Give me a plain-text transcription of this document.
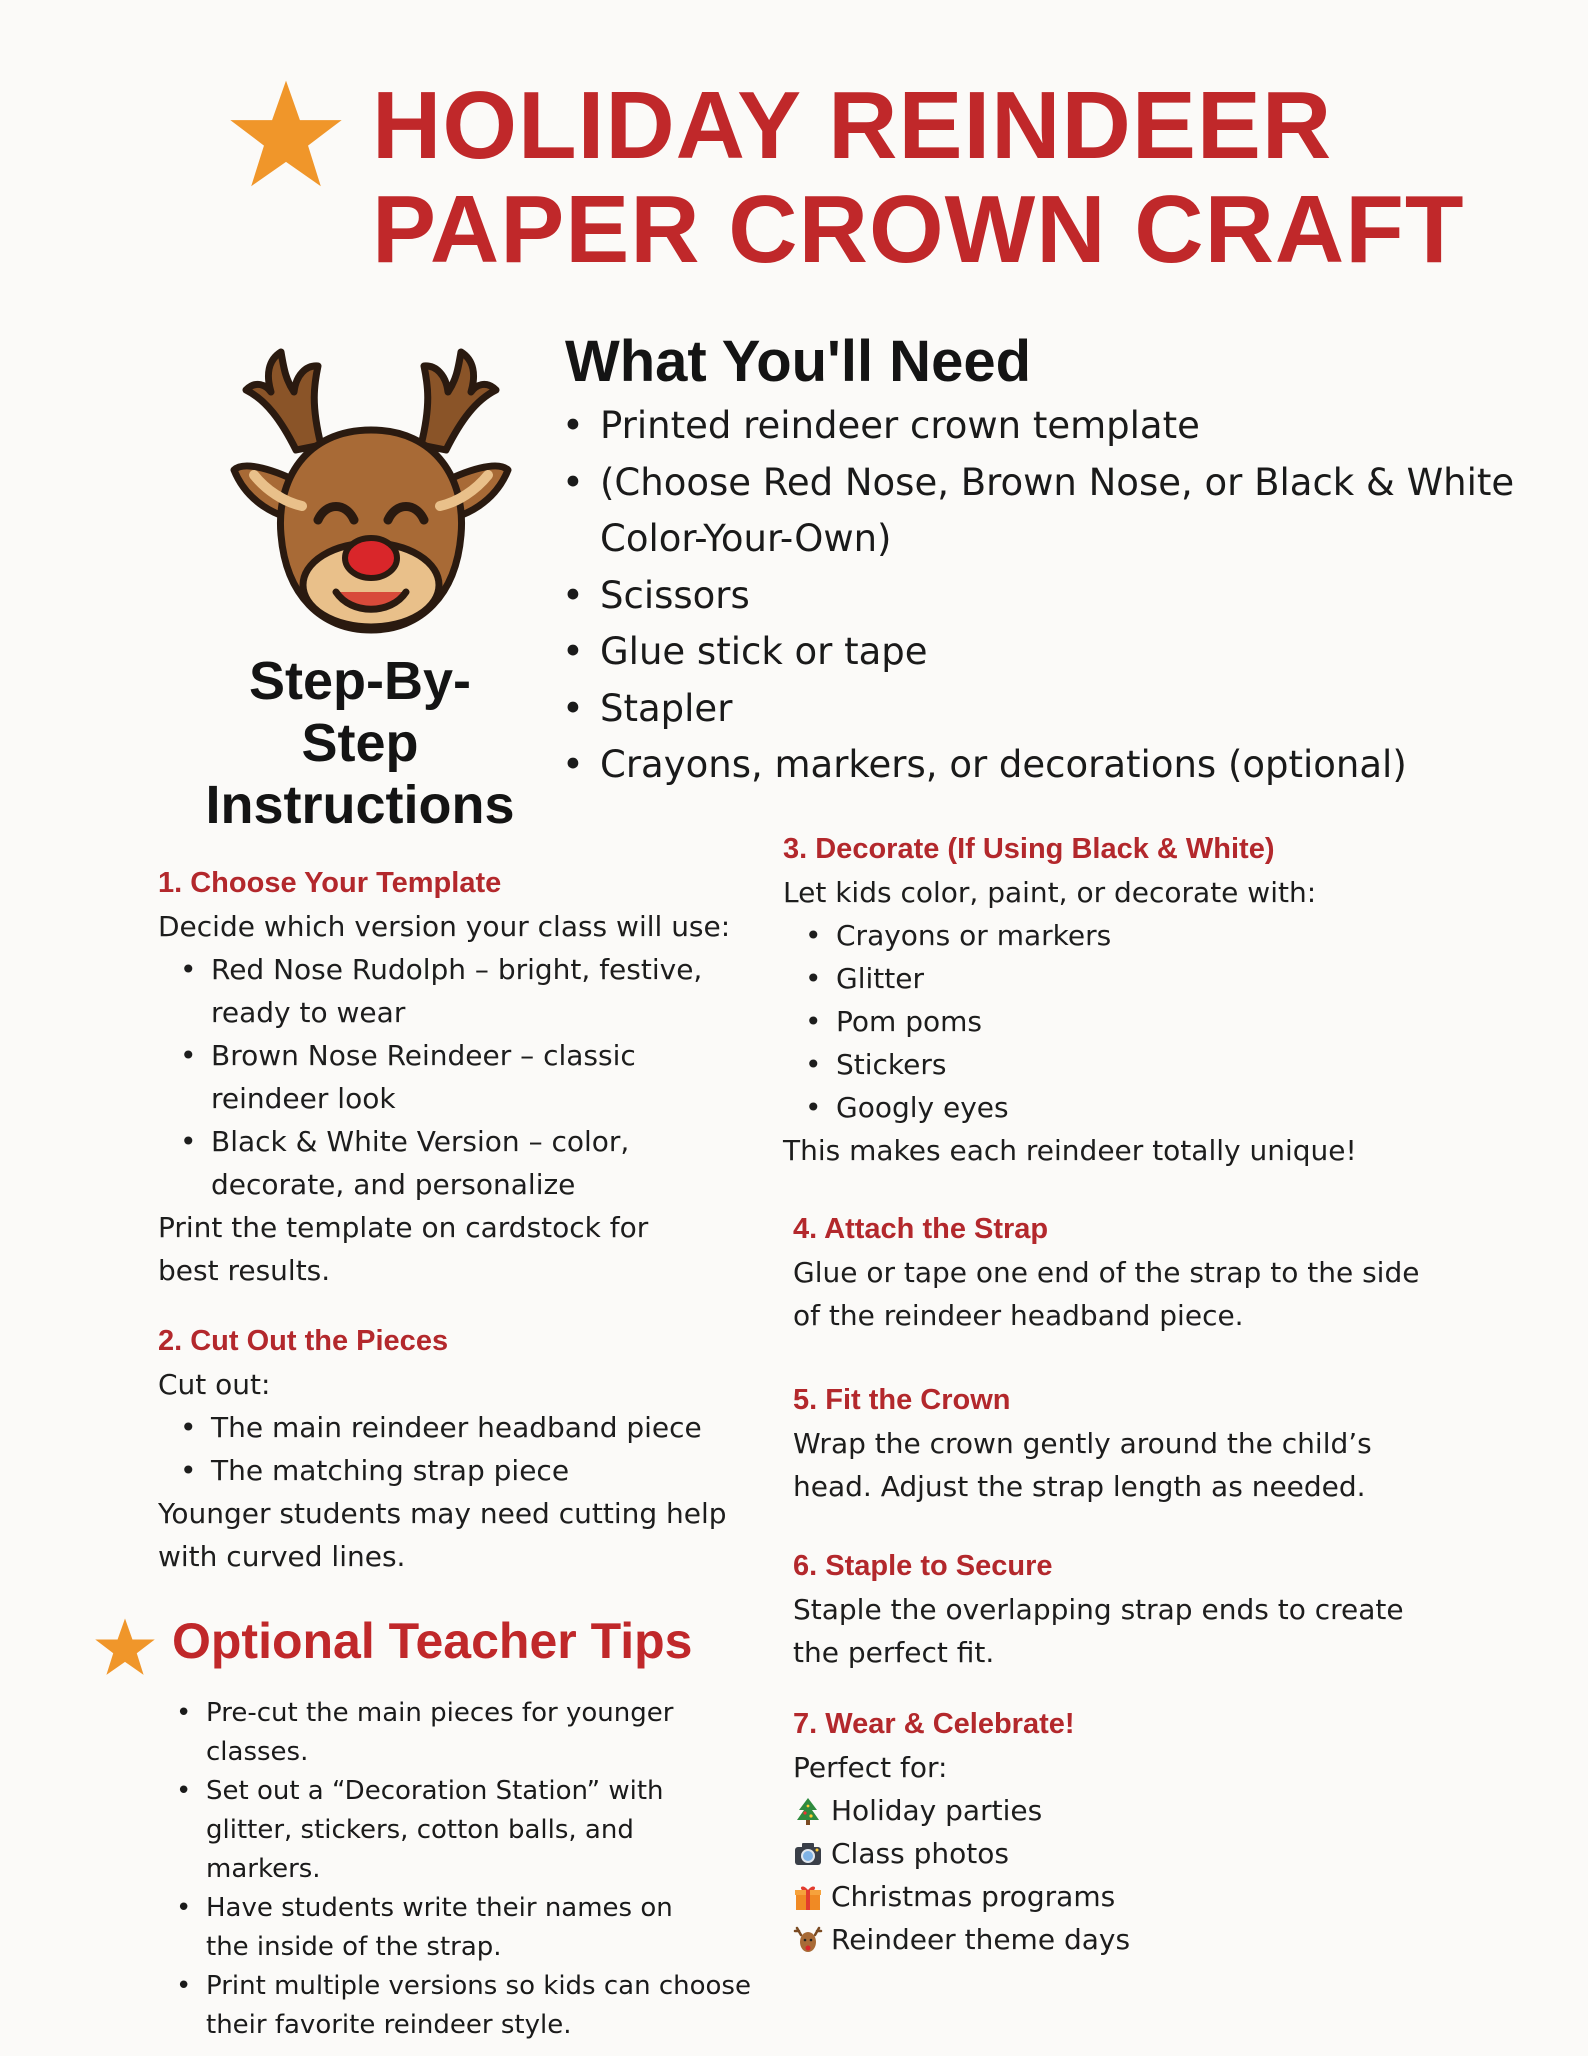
HOLIDAY REINDEER
PAPER CROWN CRAFT
Step-By-
Step
Instructions
What You'll Need
• Printed reindeer crown template
• (Choose Red Nose, Brown Nose, or Black & White
Color-Your-Own)
• Scissors
• Glue stick or tape
• Stapler
• Crayons, markers, or decorations (optional)
1. Choose Your Template
Decide which version your class will use:
• Red Nose Rudolph – bright, festive, ready to wear
• Brown Nose Reindeer – classic reindeer look
• Black & White Version – color, decorate, and personalize
Print the template on cardstock for best results.
2. Cut Out the Pieces
Cut out:
• The main reindeer headband piece
• The matching strap piece
Younger students may need cutting help with curved lines.
Optional Teacher Tips
• Pre-cut the main pieces for younger classes.
• Set out a “Decoration Station” with glitter, stickers, cotton balls, and markers.
• Have students write their names on the inside of the strap.
• Print multiple versions so kids can choose their favorite reindeer style.
3. Decorate (If Using Black & White)
Let kids color, paint, or decorate with:
• Crayons or markers
• Glitter
• Pom poms
• Stickers
• Googly eyes
This makes each reindeer totally unique!
4. Attach the Strap
Glue or tape one end of the strap to the side of the reindeer headband piece.
5. Fit the Crown
Wrap the crown gently around the child’s head. Adjust the strap length as needed.
6. Staple to Secure
Staple the overlapping strap ends to create the perfect fit.
7. Wear & Celebrate!
Perfect for:
Holiday parties
Class photos
Christmas programs
Reindeer theme days
